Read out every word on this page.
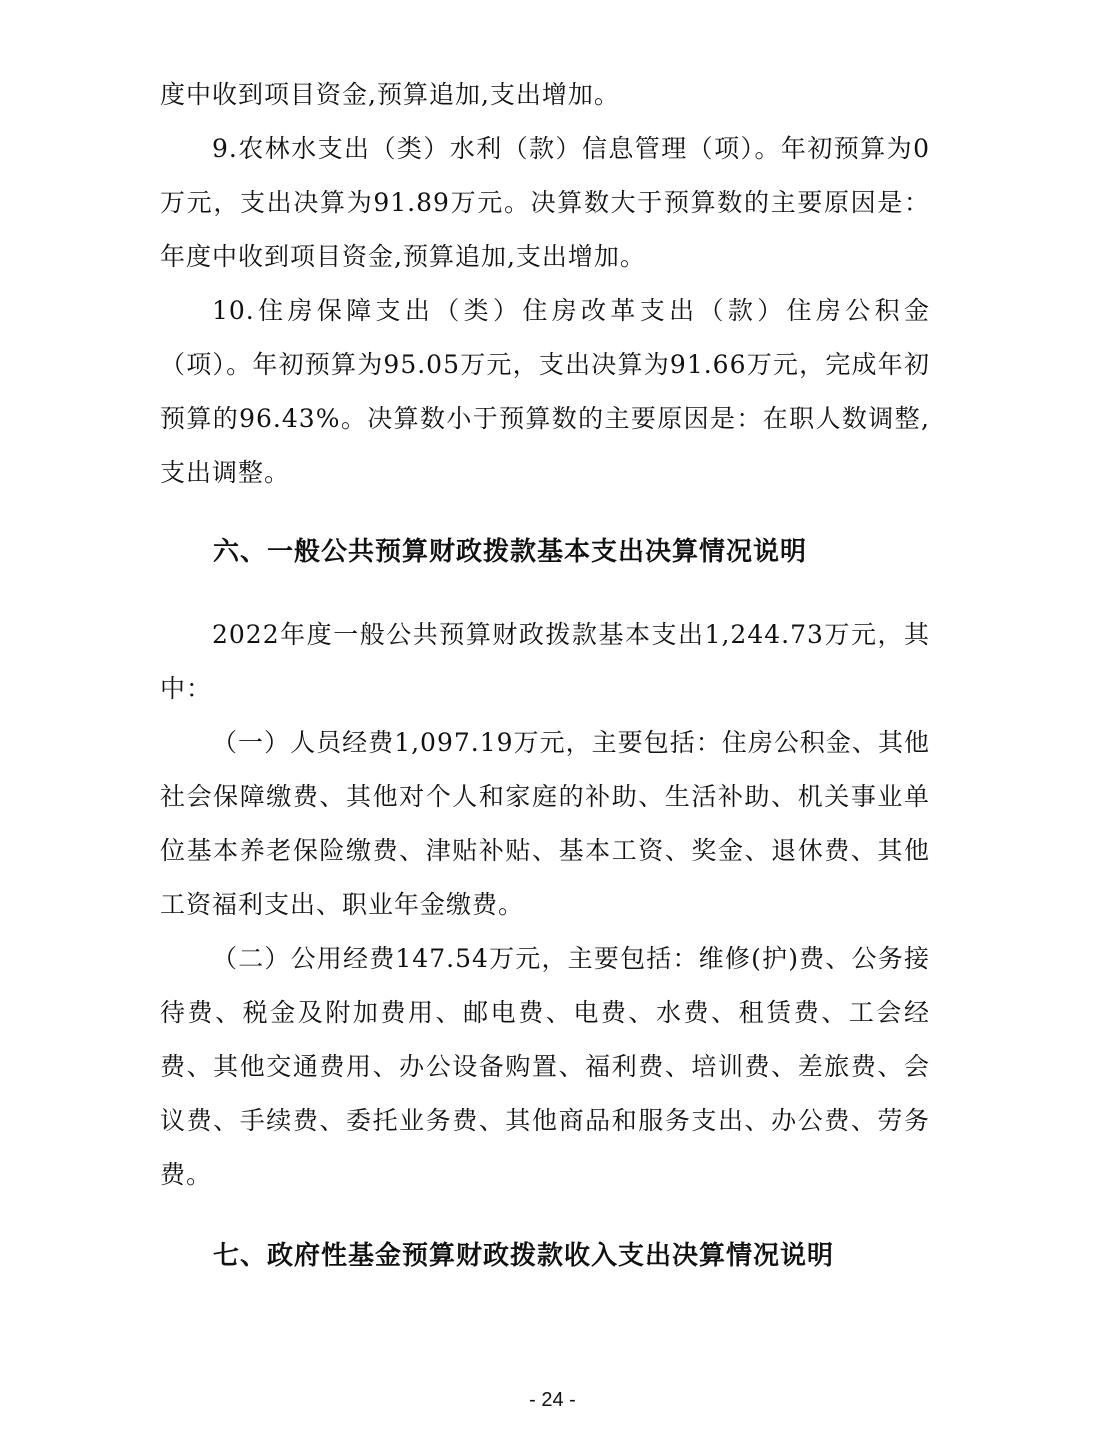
度中收到项目资金,预算追加,支出增加。

9.农林水支出（类）水利（款）信息管理（项）。年初预算为0万元，支出决算为91.89万元。决算数大于预算数的主要原因是：年度中收到项目资金,预算追加,支出增加。

10.住房保障支出（类）住房改革支出（款）住房公积金（项）。年初预算为95.05万元，支出决算为91.66万元，完成年初预算的96.43%。决算数小于预算数的主要原因是：在职人数调整,支出调整。

六、一般公共预算财政拨款基本支出决算情况说明

2022年度一般公共预算财政拨款基本支出1,244.73万元，其中：

（一）人员经费1,097.19万元，主要包括：住房公积金、其他社会保障缴费、其他对个人和家庭的补助、生活补助、机关事业单位基本养老保险缴费、津贴补贴、基本工资、奖金、退休费、其他工资福利支出、职业年金缴费。

（二）公用经费147.54万元，主要包括：维修(护)费、公务接待费、税金及附加费用、邮电费、电费、水费、租赁费、工会经费、其他交通费用、办公设备购置、福利费、培训费、差旅费、会议费、手续费、委托业务费、其他商品和服务支出、办公费、劳务费。

七、政府性基金预算财政拨款收入支出决算情况说明
- 24 -
